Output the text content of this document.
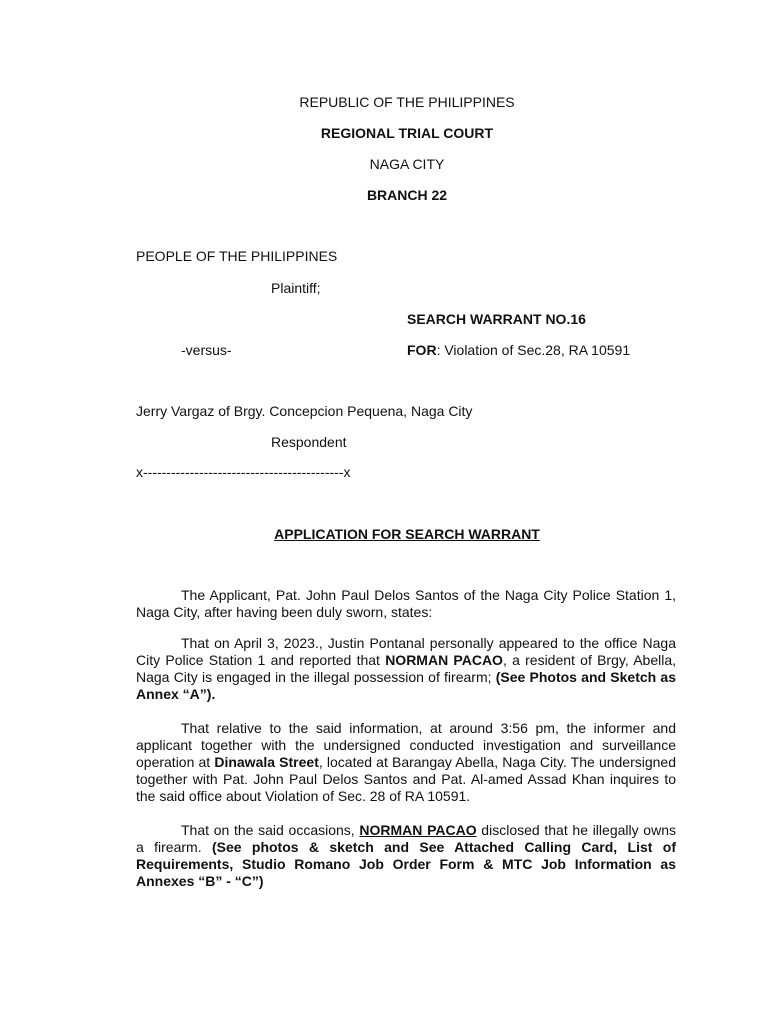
REPUBLIC OF THE PHILIPPINES
REGIONAL TRIAL COURT
NAGA CITY
BRANCH 22
PEOPLE OF THE PHILIPPINES
Plaintiff;
SEARCH WARRANT NO.16
-versus-	FOR: Violation of Sec.28, RA 10591
Jerry Vargaz of Brgy. Concepcion Pequena, Naga City
Respondent
x-------------------------------------------x
APPLICATION FOR SEARCH WARRANT
The Applicant, Pat. John Paul Delos Santos of the Naga City Police Station 1, Naga City, after having been duly sworn, states:
That on April 3, 2023., Justin Pontanal personally appeared to the office Naga City Police Station 1 and reported that NORMAN PACAO, a resident of Brgy, Abella, Naga City is engaged in the illegal possession of firearm; (See Photos and Sketch as Annex “A”).
That relative to the said information, at around 3:56 pm, the informer and applicant together with the undersigned conducted investigation and surveillance operation at Dinawala Street, located at Barangay Abella, Naga City. The undersigned together with Pat. John Paul Delos Santos and Pat. Al-amed Assad Khan inquires to the said office about Violation of Sec. 28 of RA 10591.
That on the said occasions, NORMAN PACAO disclosed that he illegally owns a firearm. (See photos & sketch and See Attached Calling Card, List of Requirements, Studio Romano Job Order Form & MTC Job Information as Annexes “B” - “C”)
